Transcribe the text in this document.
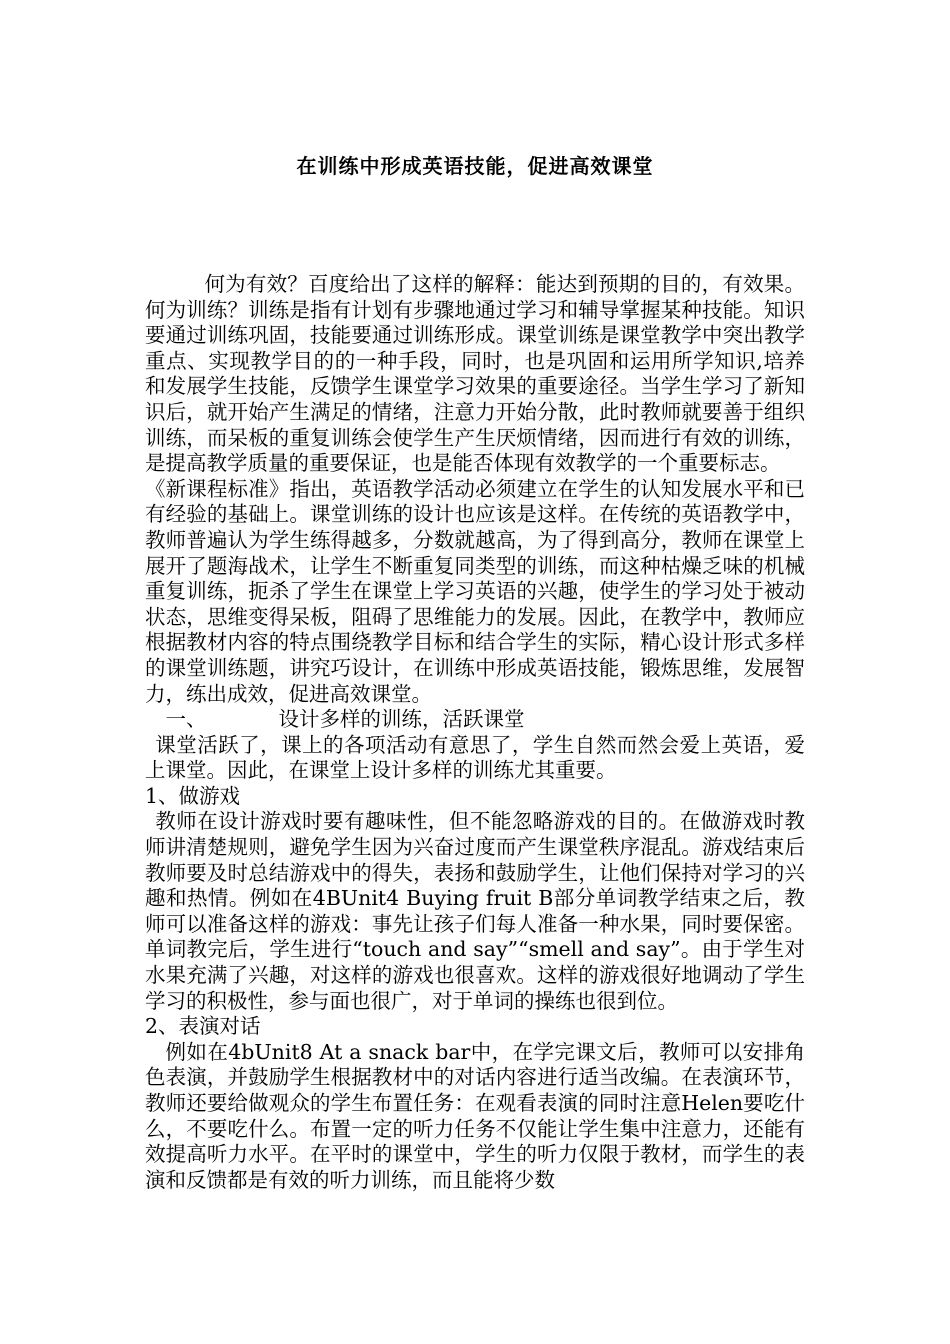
在训练中形成英语技能，促进高效课堂

何为有效？百度给出了这样的解释：能达到预期的目的，有效果。何为训练？训练是指有计划有步骤地通过学习和辅导掌握某种技能。知识要通过训练巩固，技能要通过训练形成。课堂训练是课堂教学中突出教学重点、实现教学目的的一种手段，同时，也是巩固和运用所学知识,培养和发展学生技能，反馈学生课堂学习效果的重要途径。当学生学习了新知识后，就开始产生满足的情绪，注意力开始分散，此时教师就要善于组织训练，而呆板的重复训练会使学生产生厌烦情绪，因而进行有效的训练，是提高教学质量的重要保证，也是能否体现有效教学的一个重要标志。

《新课程标准》指出，英语教学活动必须建立在学生的认知发展水平和已有经验的基础上。课堂训练的设计也应该是这样。在传统的英语教学中，教师普遍认为学生练得越多，分数就越高，为了得到高分，教师在课堂上展开了题海战术，让学生不断重复同类型的训练，而这种枯燥乏味的机械重复训练，扼杀了学生在课堂上学习英语的兴趣，使学生的学习处于被动状态，思维变得呆板，阻碍了思维能力的发展。因此，在教学中，教师应根据教材内容的特点围绕教学目标和结合学生的实际，精心设计形式多样的课堂训练题，讲究巧设计，在训练中形成英语技能，锻炼思维，发展智力，练出成效，促进高效课堂。

一、	设计多样的训练，活跃课堂

课堂活跃了，课上的各项活动有意思了，学生自然而然会爱上英语，爱上课堂。因此，在课堂上设计多样的训练尤其重要。

1、做游戏

教师在设计游戏时要有趣味性，但不能忽略游戏的目的。在做游戏时教师讲清楚规则，避免学生因为兴奋过度而产生课堂秩序混乱。游戏结束后教师要及时总结游戏中的得失，表扬和鼓励学生，让他们保持对学习的兴趣和热情。例如在4BUnit4 Buying fruit B部分单词教学结束之后，教师可以准备这样的游戏：事先让孩子们每人准备一种水果，同时要保密。单词教完后，学生进行“touch and say”“smell and say”。由于学生对水果充满了兴趣，对这样的游戏也很喜欢。这样的游戏很好地调动了学生学习的积极性，参与面也很广，对于单词的操练也很到位。

2、表演对话

例如在4bUnit8 At a snack bar中，在学完课文后，教师可以安排角色表演，并鼓励学生根据教材中的对话内容进行适当改编。在表演环节，教师还要给做观众的学生布置任务：在观看表演的同时注意Helen要吃什么，不要吃什么。布置一定的听力任务不仅能让学生集中注意力，还能有效提高听力水平。在平时的课堂中，学生的听力仅限于教材，而学生的表演和反馈都是有效的听力训练，而且能将少数
